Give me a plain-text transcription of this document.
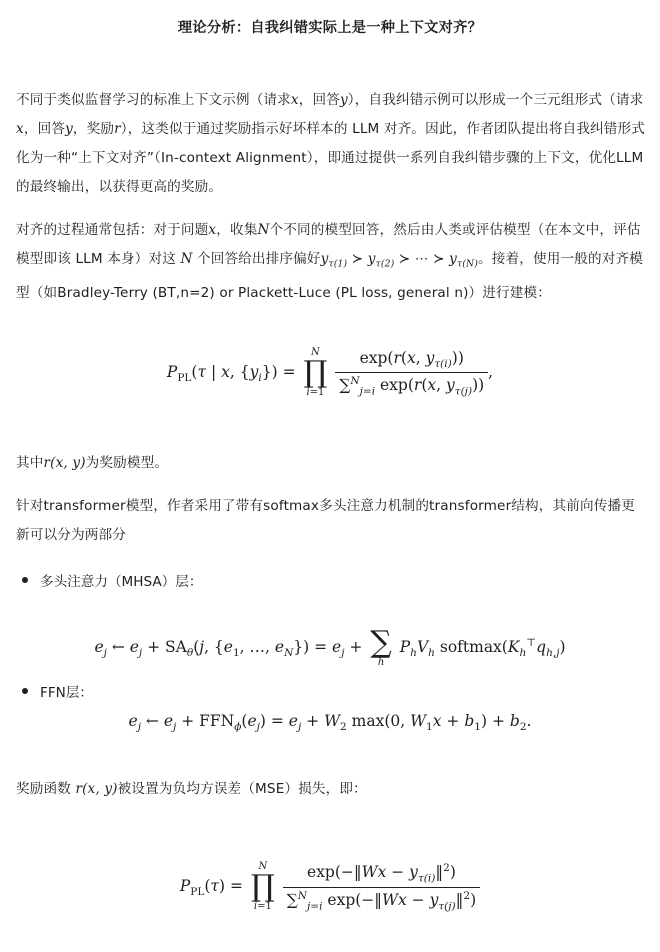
理论分析：自我纠错实际上是一种上下文对齐？
不同于类似监督学习的标准上下文示例（请求x，回答y），自我纠错示例可以形成一个三元组形式（请求x，回答y，奖励r），这类似于通过奖励指示好坏样本的 LLM 对齐。因此，作者团队提出将自我纠错形式化为一种“上下文对齐”（In-context Alignment），即通过提供一系列自我纠错步骤的上下文，优化LLM的最终输出，以获得更高的奖励。
对齐的过程通常包括：对于问题x，收集N个不同的模型回答，然后由人类或评估模型（在本文中，评估模型即该 LLM 本身）对这 N 个回答给出排序偏好$y_{\tau(1)}$ ≻ $y_{\tau(2)}$ ≻ ⋯ ≻ $y_{\tau(N)}$。接着，使用一般的对齐模型（如Bradley-Terry (BT,n=2) or Plackett-Luce (PL loss, general n)）进行建模：
$P_{PL}(\tau$ | x, $\{y_i\}$) =
N
∏
i=1
$\frac{\exp(r(x, y_{\tau(i)}))}{\sum^N_{j=i} \exp(r(x, y_{\tau(j)}))}$ ,
其中r(x, y)为奖励模型。
针对transformer模型，作者采用了带有softmax多头注意力机制的transformer结构，其前向传播更新可以分为两部分
多头注意力（MHSA）层：
$e_j$ ← $e_j + SA_\theta(j$, {$e_1$, …, $e_N\}) = e_j$ + ∑
h
$P_hV_h$ $softmax(K_h^⊤q_{h,j})$
FFN层：
$e_j$ ← $e_j + FFN_\phi(e_j) = e_j + W_2$ max(0, $W_1x + b_1) + b_2$.
奖励函数 r(x, y)被设置为负均方误差（MSE）损失，即：
$P_{PL}(\tau)$ =
N
∏
i=1
$\frac{\exp(-‖Wx - y_{\tau(i)}‖^2)}{\sum^N_{j=i} \exp(-‖Wx - y_{\tau(j)}‖^2)}$
